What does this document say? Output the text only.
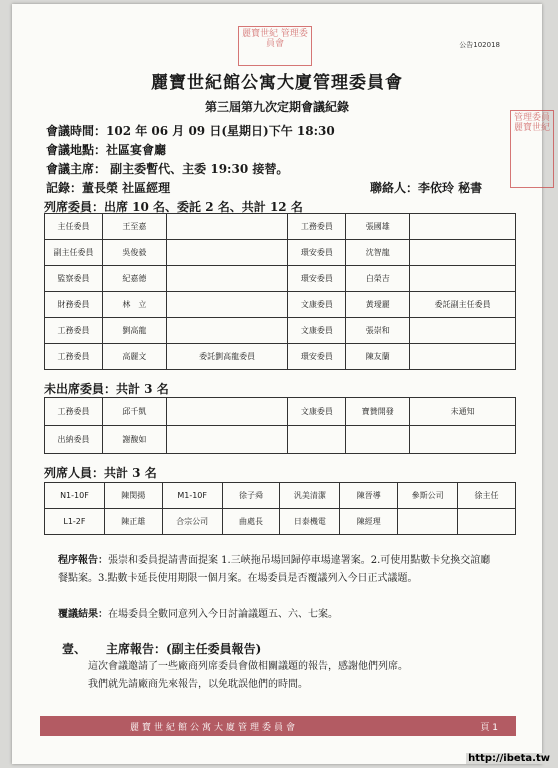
公告102018
麗寶世紀 管理委員會
管理委員 麗寶世紀
麗寶世紀館公寓大廈管理委員會
第三屆第九次定期會議紀錄
會議時間：102 年 06 月 09 日(星期日)下午 18:30
會議地點：社區宴會廳
會議主席： 副主委暫代、主委 19:30 接替。
記錄：董長榮 社區經理	聯絡人：李依玲 秘書
列席委員：出席 10 名、委託 2 名、共計 12 名
主任委員	王至嘉		工務委員	張國雄	
副主任委員	吳俊毅		環安委員	沈智龍	
監察委員	紀嘉德		環安委員	白榮吉	
財務委員	林　立		文康委員	黃璦麗	委託副主任委員
工務委員	劉高龍		文康委員	張崇和	
工務委員	高麗文	委託劉高龍委員	環安委員	陳友蘭	
未出席委員：共計 3 名
工務委員	邱千凱		文康委員	寶贊開發	未通知
出納委員	謝馥如				
列席人員：共計 3 名
N1-10F	陳閔揚	M1-10F	徐子舜	汎美清潔	陳晉導	參斯公司	徐主任
L1-2F	陳正雄	合宗公司	曲處長	日泰機電	陳經理		
程序報告：張崇和委員提請書面提案 1.三峽拖吊場回歸停車場違署案。2.可使用點數卡兌換交誼廳餐點案。3.點數卡延長使用期限一個月案。在場委員是否覆議列入今日正式議題。
覆議結果：在場委員全數同意列入今日討論議題五、六、七案。
壹、 主席報告：(副主任委員報告)
這次會議邀請了一些廠商列席委員會做相關議題的報告，感謝他們列席。
我們就先請廠商先來報告，以免耽誤他們的時間。
麗寶世紀館公寓大廈管理委員會	頁 1
http://ibeta.tw
